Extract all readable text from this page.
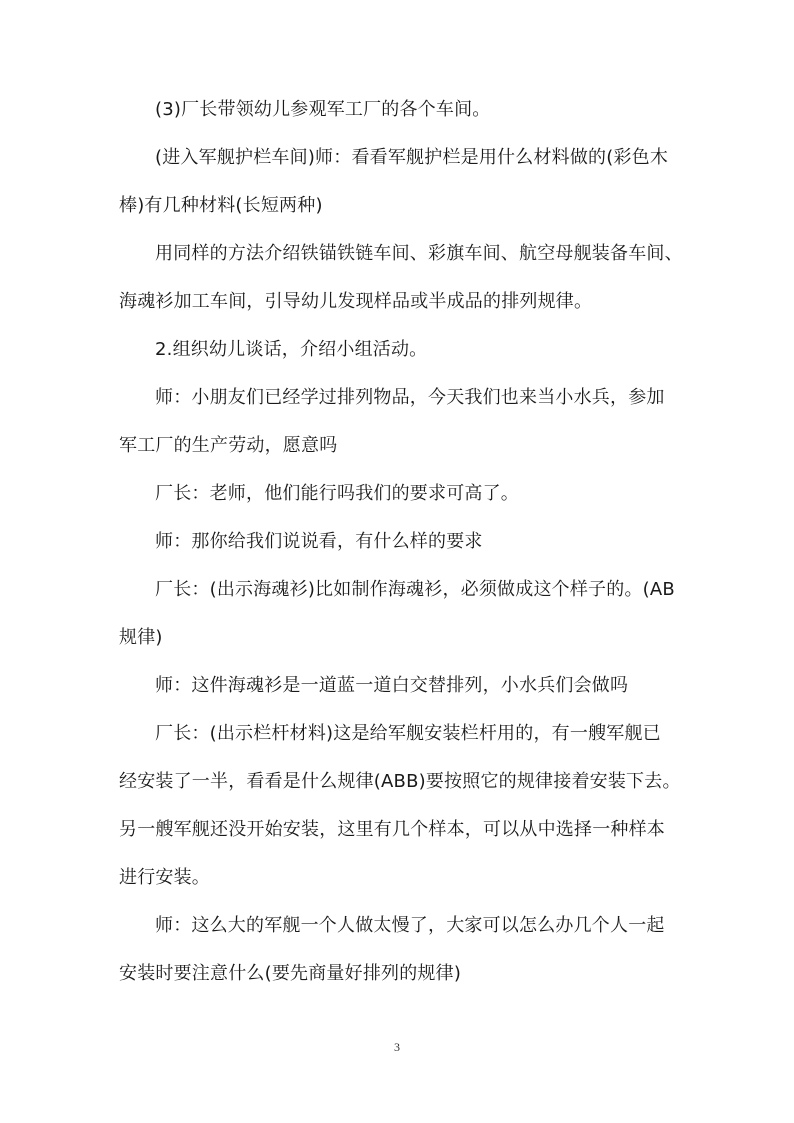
(3)厂长带领幼儿参观军工厂的各个车间。
(进入军舰护栏车间)师：看看军舰护栏是用什么材料做的(彩色木
棒)有几种材料(长短两种)
用同样的方法介绍铁锚铁链车间、彩旗车间、航空母舰装备车间、
海魂衫加工车间，引导幼儿发现样品或半成品的排列规律。
2.组织幼儿谈话，介绍小组活动。
师：小朋友们已经学过排列物品，今天我们也来当小水兵，参加
军工厂的生产劳动，愿意吗
厂长：老师，他们能行吗我们的要求可高了。
师：那你给我们说说看，有什么样的要求
厂长：(出示海魂衫)比如制作海魂衫，必须做成这个样子的。(AB
规律)
师：这件海魂衫是一道蓝一道白交替排列，小水兵们会做吗
厂长：(出示栏杆材料)这是给军舰安装栏杆用的，有一艘军舰已
经安装了一半，看看是什么规律(ABB)要按照它的规律接着安装下去。
另一艘军舰还没开始安装，这里有几个样本，可以从中选择一种样本
进行安装。
师：这么大的军舰一个人做太慢了，大家可以怎么办几个人一起
安装时要注意什么(要先商量好排列的规律)
3
